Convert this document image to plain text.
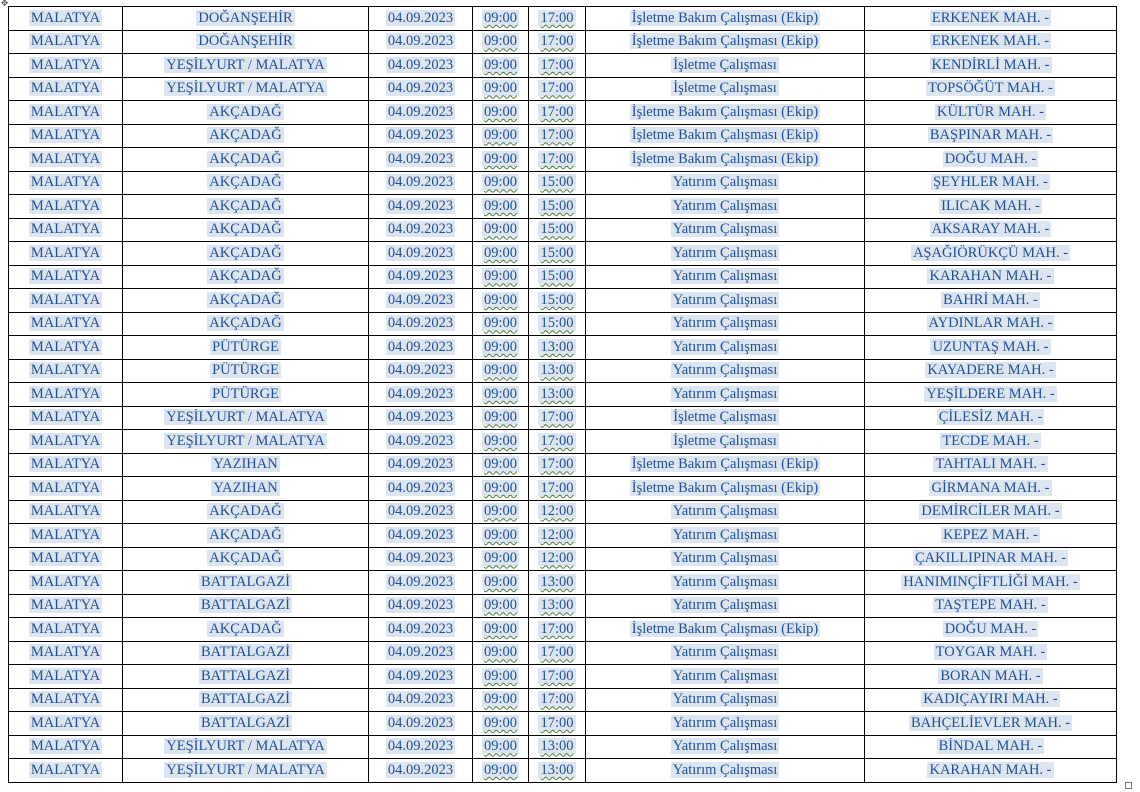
✥
MALATYA	DOĞANŞEHİR	04.09.2023	09:00	17:00	İşletme Bakım Çalışması (Ekip)	ERKENEK MAH. -
MALATYA	DOĞANŞEHİR	04.09.2023	09:00	17:00	İşletme Bakım Çalışması (Ekip)	ERKENEK MAH. -
MALATYA	YEŞİLYURT / MALATYA	04.09.2023	09:00	17:00	İşletme Çalışması	KENDİRLİ MAH. -
MALATYA	YEŞİLYURT / MALATYA	04.09.2023	09:00	17:00	İşletme Çalışması	TOPSÖĞÜT MAH. -
MALATYA	AKÇADAĞ	04.09.2023	09:00	17:00	İşletme Bakım Çalışması (Ekip)	KÜLTÜR MAH. -
MALATYA	AKÇADAĞ	04.09.2023	09:00	17:00	İşletme Bakım Çalışması (Ekip)	BAŞPINAR MAH. -
MALATYA	AKÇADAĞ	04.09.2023	09:00	17:00	İşletme Bakım Çalışması (Ekip)	DOĞU MAH. -
MALATYA	AKÇADAĞ	04.09.2023	09:00	15:00	Yatırım Çalışması	ŞEYHLER MAH. -
MALATYA	AKÇADAĞ	04.09.2023	09:00	15:00	Yatırım Çalışması	ILICAK MAH. -
MALATYA	AKÇADAĞ	04.09.2023	09:00	15:00	Yatırım Çalışması	AKSARAY MAH. -
MALATYA	AKÇADAĞ	04.09.2023	09:00	15:00	Yatırım Çalışması	AŞAĞIÖRÜKÇÜ MAH. -
MALATYA	AKÇADAĞ	04.09.2023	09:00	15:00	Yatırım Çalışması	KARAHAN MAH. -
MALATYA	AKÇADAĞ	04.09.2023	09:00	15:00	Yatırım Çalışması	BAHRİ MAH. -
MALATYA	AKÇADAĞ	04.09.2023	09:00	15:00	Yatırım Çalışması	AYDINLAR MAH. -
MALATYA	PÜTÜRGE	04.09.2023	09:00	13:00	Yatırım Çalışması	UZUNTAŞ MAH. -
MALATYA	PÜTÜRGE	04.09.2023	09:00	13:00	Yatırım Çalışması	KAYADERE MAH. -
MALATYA	PÜTÜRGE	04.09.2023	09:00	13:00	Yatırım Çalışması	YEŞİLDERE MAH. -
MALATYA	YEŞİLYURT / MALATYA	04.09.2023	09:00	17:00	İşletme Çalışması	ÇİLESİZ MAH. -
MALATYA	YEŞİLYURT / MALATYA	04.09.2023	09:00	17:00	İşletme Çalışması	TECDE MAH. -
MALATYA	YAZIHAN	04.09.2023	09:00	17:00	İşletme Bakım Çalışması (Ekip)	TAHTALI MAH. -
MALATYA	YAZIHAN	04.09.2023	09:00	17:00	İşletme Bakım Çalışması (Ekip)	GİRMANA MAH. -
MALATYA	AKÇADAĞ	04.09.2023	09:00	12:00	Yatırım Çalışması	DEMİRCİLER MAH. -
MALATYA	AKÇADAĞ	04.09.2023	09:00	12:00	Yatırım Çalışması	KEPEZ MAH. -
MALATYA	AKÇADAĞ	04.09.2023	09:00	12:00	Yatırım Çalışması	ÇAKILLIPINAR MAH. -
MALATYA	BATTALGAZİ	04.09.2023	09:00	13:00	Yatırım Çalışması	HANIMINÇİFTLİĞİ MAH. -
MALATYA	BATTALGAZİ	04.09.2023	09:00	13:00	Yatırım Çalışması	TAŞTEPE MAH. -
MALATYA	AKÇADAĞ	04.09.2023	09:00	17:00	İşletme Bakım Çalışması (Ekip)	DOĞU MAH. -
MALATYA	BATTALGAZİ	04.09.2023	09:00	17:00	Yatırım Çalışması	TOYGAR MAH. -
MALATYA	BATTALGAZİ	04.09.2023	09:00	17:00	Yatırım Çalışması	BORAN MAH. -
MALATYA	BATTALGAZİ	04.09.2023	09:00	17:00	Yatırım Çalışması	KADIÇAYIRI MAH. -
MALATYA	BATTALGAZİ	04.09.2023	09:00	17:00	Yatırım Çalışması	BAHÇELİEVLER MAH. -
MALATYA	YEŞİLYURT / MALATYA	04.09.2023	09:00	13:00	Yatırım Çalışması	BİNDAL MAH. -
MALATYA	YEŞİLYURT / MALATYA	04.09.2023	09:00	13:00	Yatırım Çalışması	KARAHAN MAH. -
